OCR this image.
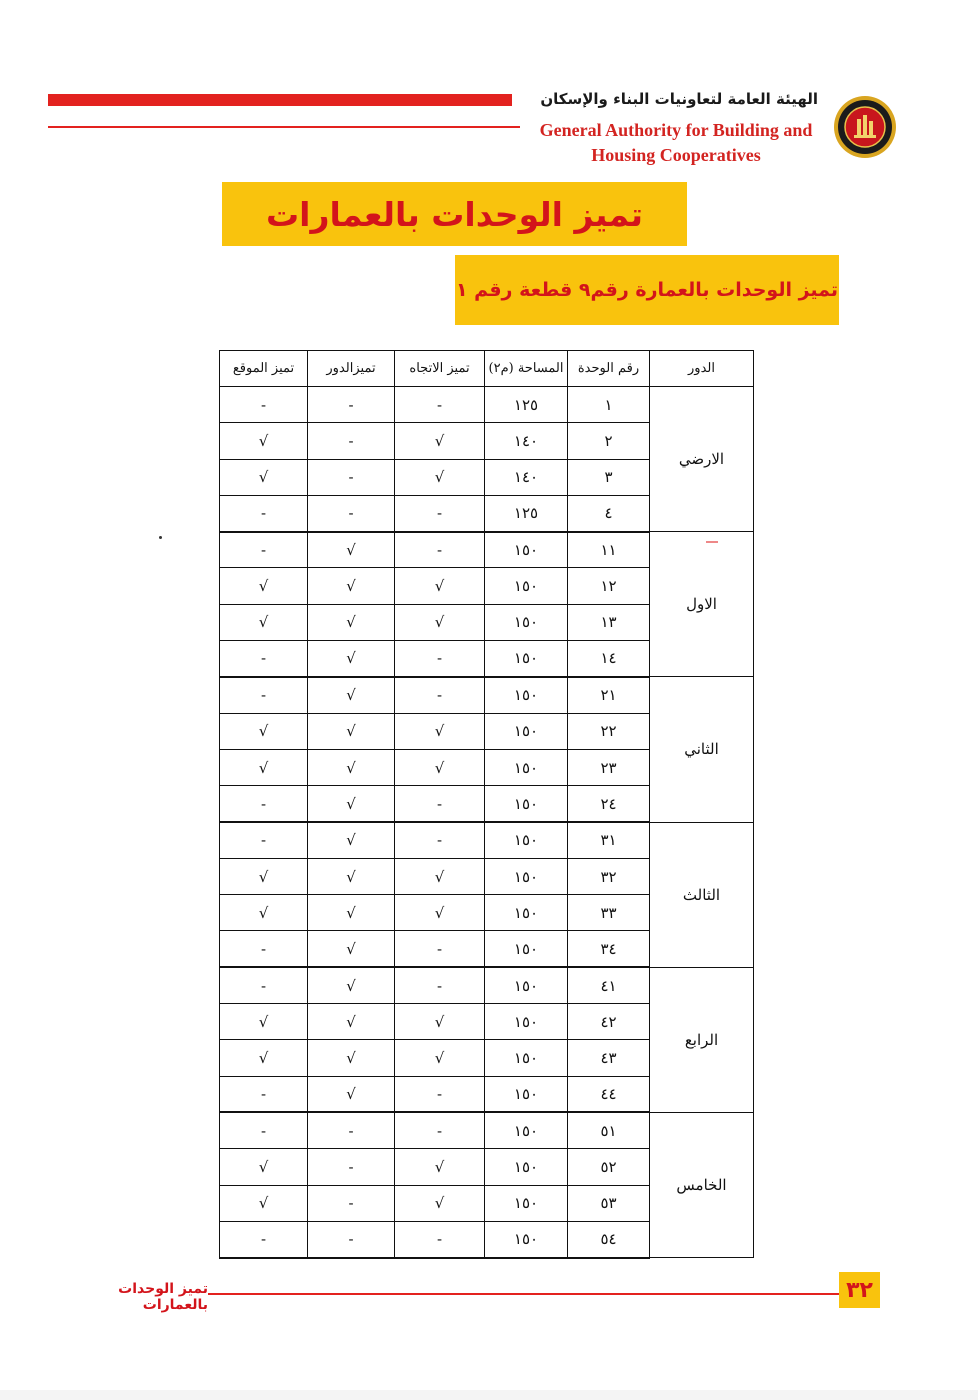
الهيئة العامة لتعاونيات البناء والإسكان
General Authority for Building and
Housing Cooperatives
تميز الوحدات بالعمارات
تميز الوحدات بالعمارة رقم٩ قطعة رقم ١
الدور	رقم الوحدة	المساحة (م٢)	تميز الاتجاه	تميزالدور	تميز الموقع
الارضي	١	١٢٥	-	-	-
	٢	١٤٠	√	-	√
	٣	١٤٠	√	-	√
	٤	١٢٥	-	-	-
الاول	١١	١٥٠	-	√	-
	١٢	١٥٠	√	√	√
	١٣	١٥٠	√	√	√
	١٤	١٥٠	-	√	-
الثاني	٢١	١٥٠	-	√	-
	٢٢	١٥٠	√	√	√
	٢٣	١٥٠	√	√	√
	٢٤	١٥٠	-	√	-
الثالث	٣١	١٥٠	-	√	-
	٣٢	١٥٠	√	√	√
	٣٣	١٥٠	√	√	√
	٣٤	١٥٠	-	√	-
الرابع	٤١	١٥٠	-	√	-
	٤٢	١٥٠	√	√	√
	٤٣	١٥٠	√	√	√
	٤٤	١٥٠	-	√	-
الخامس	٥١	١٥٠	-	-	-
	٥٢	١٥٠	√	-	√
	٥٣	١٥٠	√	-	√
	٥٤	١٥٠	-	-	-
تميز الوحدات بالعمارات
٣٢
